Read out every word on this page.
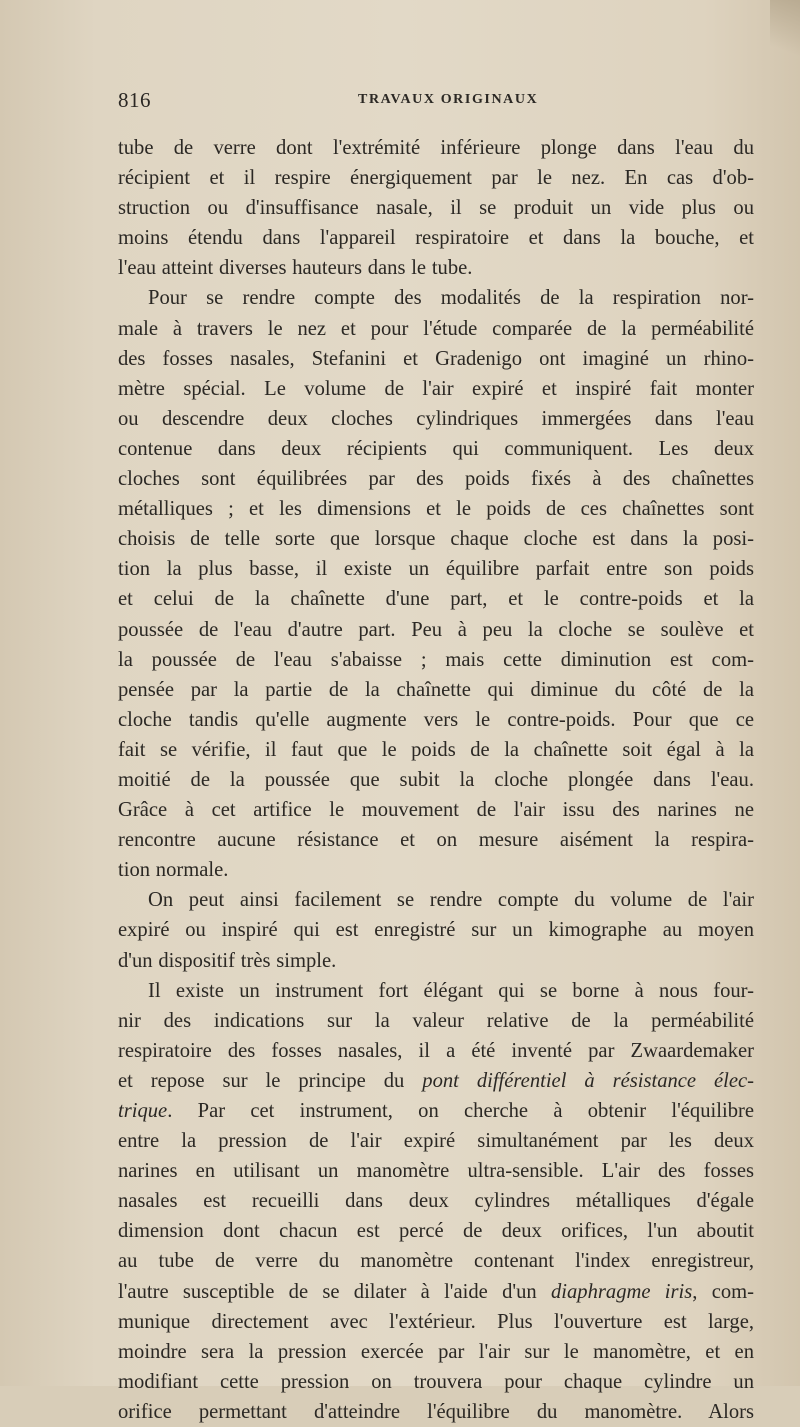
816	TRAVAUX ORIGINAUX
tube de verre dont l'extrémité inférieure plonge dans l'eau du
récipient et il respire énergiquement par le nez. En cas d'ob-
struction ou d'insuffisance nasale, il se produit un vide plus ou
moins étendu dans l'appareil respiratoire et dans la bouche, et
l'eau atteint diverses hauteurs dans le tube.
Pour se rendre compte des modalités de la respiration nor-
male à travers le nez et pour l'étude comparée de la perméabilité
des fosses nasales, Stefanini et Gradenigo ont imaginé un rhino-
mètre spécial. Le volume de l'air expiré et inspiré fait monter
ou descendre deux cloches cylindriques immergées dans l'eau
contenue dans deux récipients qui communiquent. Les deux
cloches sont équilibrées par des poids fixés à des chaînettes
métalliques ; et les dimensions et le poids de ces chaînettes sont
choisis de telle sorte que lorsque chaque cloche est dans la posi-
tion la plus basse, il existe un équilibre parfait entre son poids
et celui de la chaînette d'une part, et le contre-poids et la
poussée de l'eau d'autre part. Peu à peu la cloche se soulève et
la poussée de l'eau s'abaisse ; mais cette diminution est com-
pensée par la partie de la chaînette qui diminue du côté de la
cloche tandis qu'elle augmente vers le contre-poids. Pour que ce
fait se vérifie, il faut que le poids de la chaînette soit égal à la
moitié de la poussée que subit la cloche plongée dans l'eau.
Grâce à cet artifice le mouvement de l'air issu des narines ne
rencontre aucune résistance et on mesure aisément la respira-
tion normale.
On peut ainsi facilement se rendre compte du volume de l'air
expiré ou inspiré qui est enregistré sur un kimographe au moyen
d'un dispositif très simple.
Il existe un instrument fort élégant qui se borne à nous four-
nir des indications sur la valeur relative de la perméabilité
respiratoire des fosses nasales, il a été inventé par Zwaardemaker
et repose sur le principe du pont différentiel à résistance élec-
trique. Par cet instrument, on cherche à obtenir l'équilibre
entre la pression de l'air expiré simultanément par les deux
narines en utilisant un manomètre ultra-sensible. L'air des fosses
nasales est recueilli dans deux cylindres métalliques d'égale
dimension dont chacun est percé de deux orifices, l'un aboutit
au tube de verre du manomètre contenant l'index enregistreur,
l'autre susceptible de se dilater à l'aide d'un diaphragme iris, com-
munique directement avec l'extérieur. Plus l'ouverture est large,
moindre sera la pression exercée par l'air sur le manomètre, et en
modifiant cette pression on trouvera pour chaque cylindre un
orifice permettant d'atteindre l'équilibre du manomètre. Alors
